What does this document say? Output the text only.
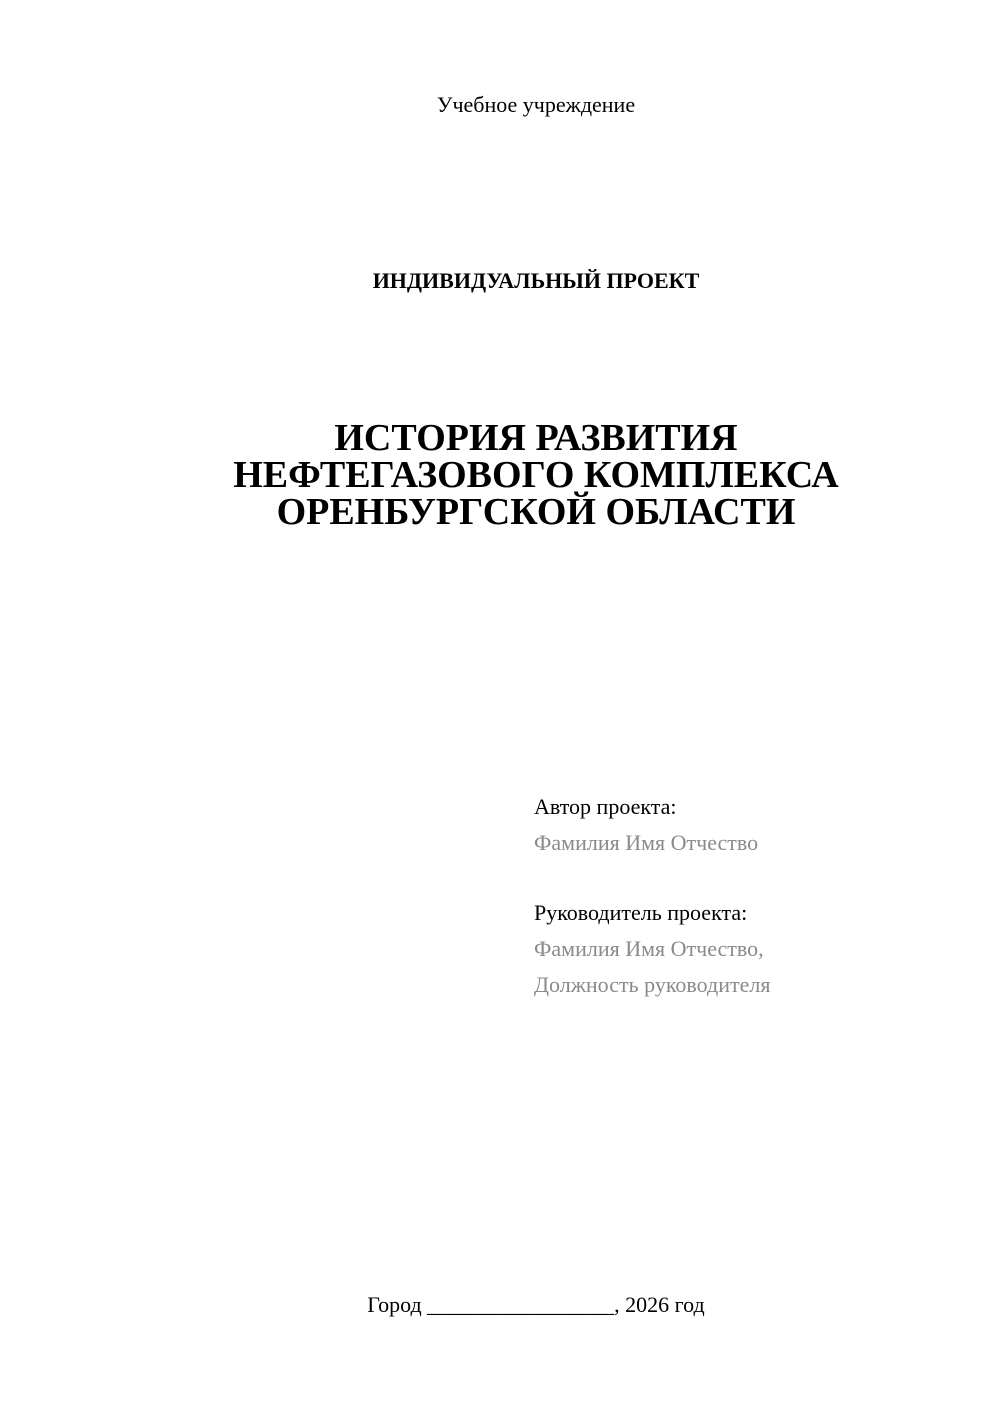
Учебное учреждение
ИНДИВИДУАЛЬНЫЙ ПРОЕКТ
ИСТОРИЯ РАЗВИТИЯ
НЕФТЕГАЗОВОГО КОМПЛЕКСА
ОРЕНБУРГСКОЙ ОБЛАСТИ
Автор проекта:
Фамилия Имя Отчество
Руководитель проекта:
Фамилия Имя Отчество,
Должность руководителя
Город _________________, 2026 год
